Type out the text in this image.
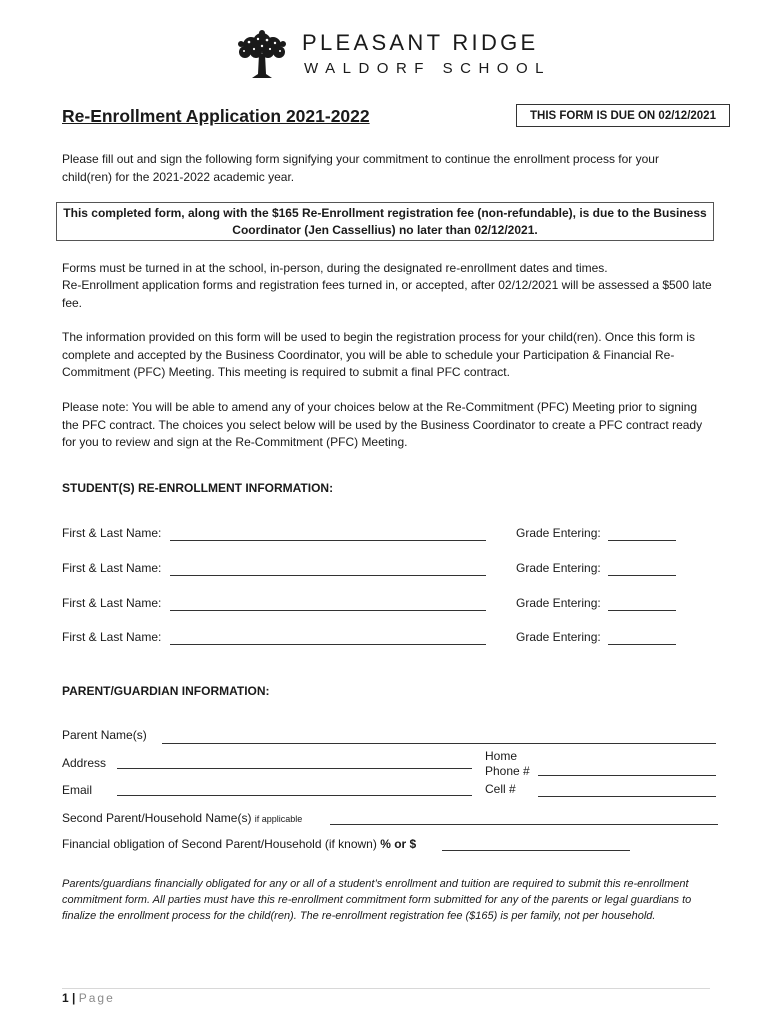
PLEASANT RIDGE
WALDORF SCHOOL
Re-Enrollment Application 2021-2022	THIS FORM IS DUE ON 02/12/2021
Please fill out and sign the following form signifying your commitment to continue the enrollment process for your child(ren) for the 2021-2022 academic year.
This completed form, along with the $165 Re-Enrollment registration fee (non-refundable), is due to the Business Coordinator (Jen Cassellius) no later than 02/12/2021.
Forms must be turned in at the school, in-person, during the designated re-enrollment dates and times.
Re-Enrollment application forms and registration fees turned in, or accepted, after 02/12/2021 will be assessed a $500 late fee.
The information provided on this form will be used to begin the registration process for your child(ren). Once this form is complete and accepted by the Business Coordinator, you will be able to schedule your Participation & Financial Re-Commitment (PFC) Meeting. This meeting is required to submit a final PFC contract.
Please note: You will be able to amend any of your choices below at the Re-Commitment (PFC) Meeting prior to signing the PFC contract. The choices you select below will be used by the Business Coordinator to create a PFC contract ready for you to review and sign at the Re-Commitment (PFC) Meeting.
STUDENT(S) RE-ENROLLMENT INFORMATION:
First & Last Name:	Grade Entering:
First & Last Name:	Grade Entering:
First & Last Name:	Grade Entering:
First & Last Name:	Grade Entering:
PARENT/GUARDIAN INFORMATION:
Parent Name(s)
Address	Home
Phone #
Email	Cell #
Second Parent/Household Name(s) if applicable
Financial obligation of Second Parent/Household (if known) % or $
Parents/guardians financially obligated for any or all of a student’s enrollment and tuition are required to submit this re-enrollment commitment form. All parties must have this re-enrollment commitment form submitted for any of the parents or legal guardians to finalize the enrollment process for the child(ren). The re-enrollment registration fee ($165) is per family, not per household.
1 | Page
